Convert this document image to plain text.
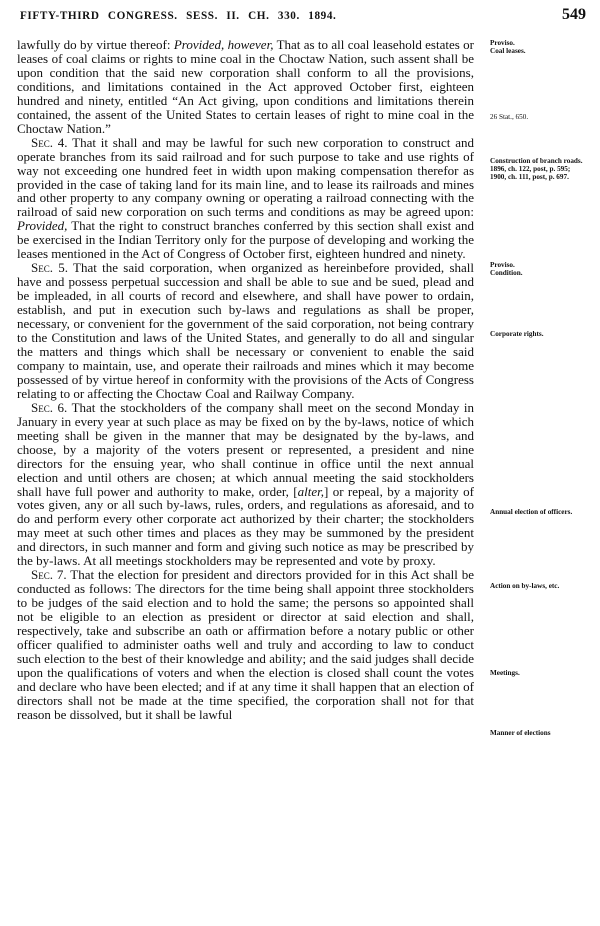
FIFTY-THIRD CONGRESS. SESS. II. CH. 330. 1894.	549

lawfully do by virtue thereof: Provided, however, That as to all coal leasehold estates or leases of coal claims or rights to mine coal in the Choctaw Nation, such assent shall be upon condition that the said new corporation shall conform to all the provisions, conditions, and limitations contained in the Act approved October first, eighteen hundred and ninety, entitled “An Act giving, upon conditions and limitations therein contained, the assent of the United States to certain leases of right to mine coal in the Choctaw Nation.”

Sec. 4. That it shall and may be lawful for such new corporation to construct and operate branches from its said railroad and for such purpose to take and use rights of way not exceeding one hundred feet in width upon making compensation therefor as provided in the case of taking land for its main line, and to lease its railroads and mines and other property to any company owning or operating a railroad connecting with the railroad of said new corporation on such terms and conditions as may be agreed upon: Provided, That the right to construct branches conferred by this section shall exist and be exercised in the Indian Territory only for the purpose of developing and working the leases mentioned in the Act of Congress of October first, eighteen hundred and ninety.

Sec. 5. That the said corporation, when organized as hereinbefore provided, shall have and possess perpetual succession and shall be able to sue and be sued, plead and be impleaded, in all courts of record and elsewhere, and shall have power to ordain, establish, and put in execution such by-laws and regulations as shall be proper, necessary, or convenient for the government of the said corporation, not being contrary to the Constitution and laws of the United States, and generally to do all and singular the matters and things which shall be necessary or convenient to enable the said company to maintain, use, and operate their railroads and mines which it may become possessed of by virtue hereof in conformity with the provisions of the Acts of Congress relating to or affecting the Choctaw Coal and Railway Company.

Sec. 6. That the stockholders of the company shall meet on the second Monday in January in every year at such place as may be fixed on by the by-laws, notice of which meeting shall be given in the manner that may be designated by the by-laws, and choose, by a majority of the voters present or represented, a president and nine directors for the ensuing year, who shall continue in office until the next annual election and until others are chosen; at which annual meeting the said stockholders shall have full power and authority to make, order, [alter,] or repeal, by a majority of votes given, any or all such by-laws, rules, orders, and regulations as aforesaid, and to do and perform every other corporate act authorized by their charter; the stockholders may meet at such other times and places as they may be summoned by the president and directors, in such manner and form and giving such notice as may be prescribed by the by-laws. At all meetings stockholders may be represented and vote by proxy.

Sec. 7. That the election for president and directors provided for in this Act shall be conducted as follows: The directors for the time being shall appoint three stockholders to be judges of the said election and to hold the same; the persons so appointed shall not be eligible to an election as president or director at said election and shall, respectively, take and subscribe an oath or affirmation before a notary public or other officer qualified to administer oaths well and truly and according to law to conduct such election to the best of their knowledge and ability; and the said judges shall decide upon the qualifications of voters and when the election is closed shall count the votes and declare who have been elected; and if at any time it shall happen that an election of directors shall not be made at the time specified, the corporation shall not for that reason be dissolved, but it shall be lawful

Proviso.
Coal leases.
26 Stat., 650.
Construction of branch roads.
1896, ch. 122, post, p. 595; 1900, ch. 111, post, p. 697.
Proviso.
Condition.
Corporate rights.
Annual election of officers.
Action on by-laws, etc.
Meetings.
Manner of elections
